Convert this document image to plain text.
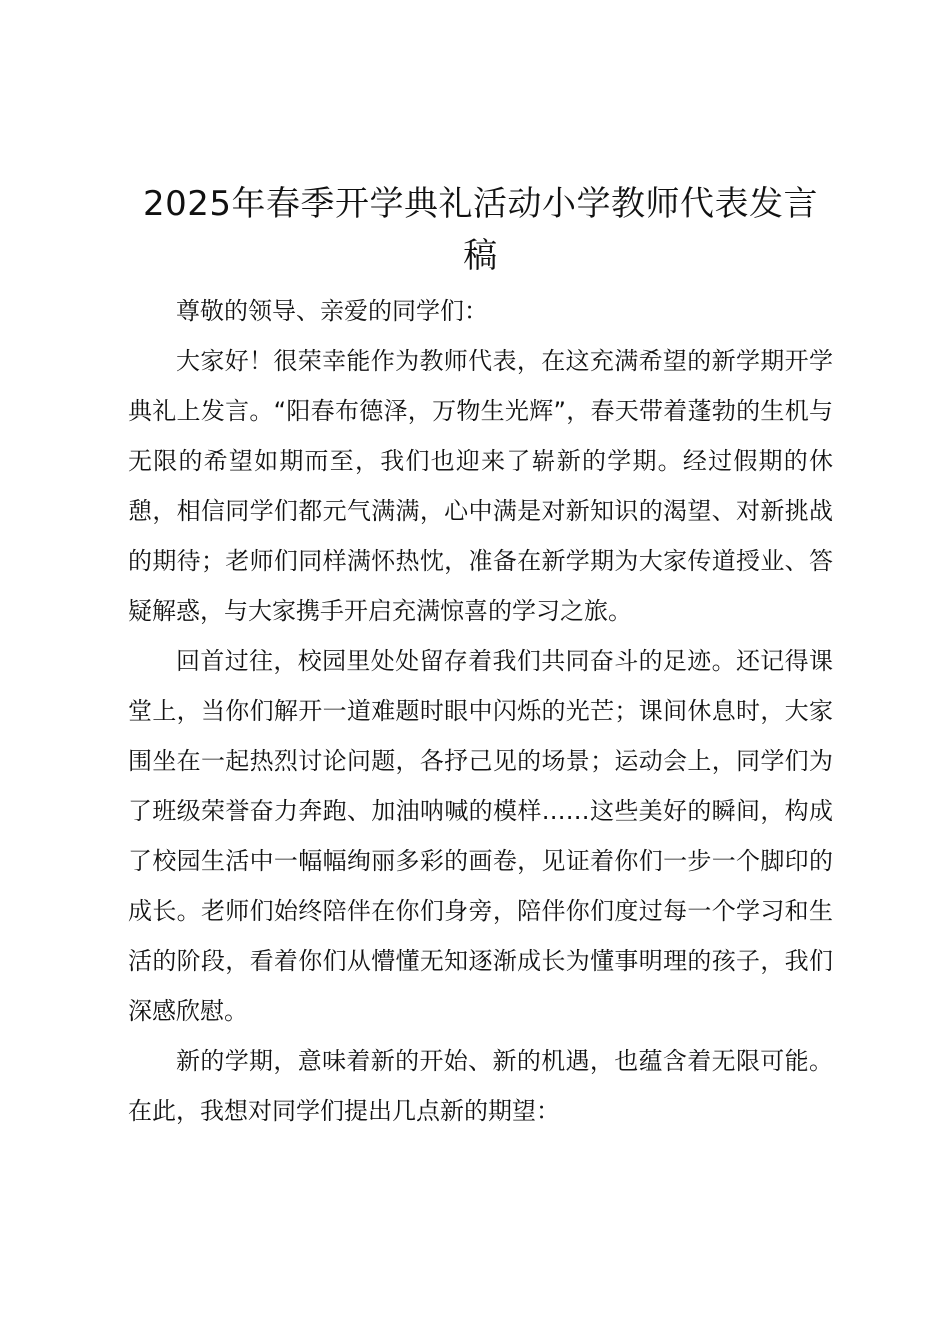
2025年春季开学典礼活动小学教师代表发言稿

尊敬的领导、亲爱的同学们：

大家好！很荣幸能作为教师代表，在这充满希望的新学期开学典礼上发言。“阳春布德泽，万物生光辉”，春天带着蓬勃的生机与无限的希望如期而至，我们也迎来了崭新的学期。经过假期的休憩，相信同学们都元气满满，心中满是对新知识的渴望、对新挑战的期待；老师们同样满怀热忱，准备在新学期为大家传道授业、答疑解惑，与大家携手开启充满惊喜的学习之旅。

回首过往，校园里处处留存着我们共同奋斗的足迹。还记得课堂上，当你们解开一道难题时眼中闪烁的光芒；课间休息时，大家围坐在一起热烈讨论问题，各抒己见的场景；运动会上，同学们为了班级荣誉奋力奔跑、加油呐喊的模样……这些美好的瞬间，构成了校园生活中一幅幅绚丽多彩的画卷，见证着你们一步一个脚印的成长。老师们始终陪伴在你们身旁，陪伴你们度过每一个学习和生活的阶段，看着你们从懵懂无知逐渐成长为懂事明理的孩子，我们深感欣慰。

新的学期，意味着新的开始、新的机遇，也蕴含着无限可能。在此，我想对同学们提出几点新的期望：
